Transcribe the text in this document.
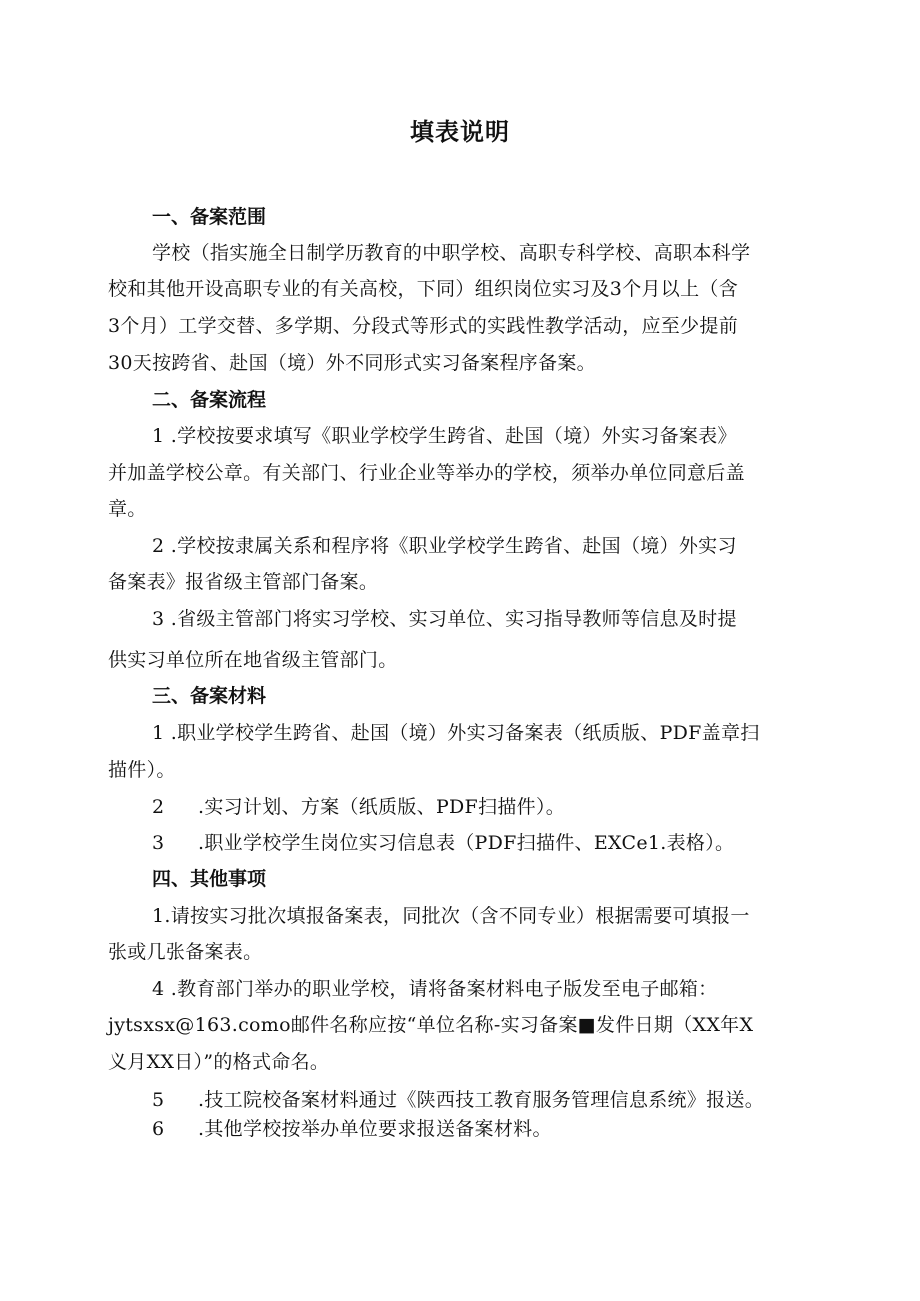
填表说明
一、备案范围
学校（指实施全日制学历教育的中职学校、高职专科学校、高职本科学
校和其他开设高职专业的有关高校，下同）组织岗位实习及3个月以上（含
3个月）工学交替、多学期、分段式等形式的实践性教学活动，应至少提前
30天按跨省、赴国（境）外不同形式实习备案程序备案。
二、备案流程
1 .学校按要求填写《职业学校学生跨省、赴国（境）外实习备案表》
并加盖学校公章。有关部门、行业企业等举办的学校，须举办单位同意后盖
章。
2 .学校按隶属关系和程序将《职业学校学生跨省、赴国（境）外实习
备案表》报省级主管部门备案。
3 .省级主管部门将实习学校、实习单位、实习指导教师等信息及时提
供实习单位所在地省级主管部门。
三、备案材料
1 .职业学校学生跨省、赴国（境）外实习备案表（纸质版、PDF盖章扫
描件）。
2 .实习计划、方案（纸质版、PDF扫描件）。
3 .职业学校学生岗位实习信息表（PDF扫描件、EXCe1.表格）。
四、其他事项
1.请按实习批次填报备案表，同批次（含不同专业）根据需要可填报一
张或几张备案表。
4 .教育部门举办的职业学校，请将备案材料电子版发至电子邮箱：
jytsxsx@163.como邮件名称应按“单位名称-实习备案■发件日期（XX年X
义月XX日）”的格式命名。
5 .技工院校备案材料通过《陕西技工教育服务管理信息系统》报送。
6 .其他学校按举办单位要求报送备案材料。
